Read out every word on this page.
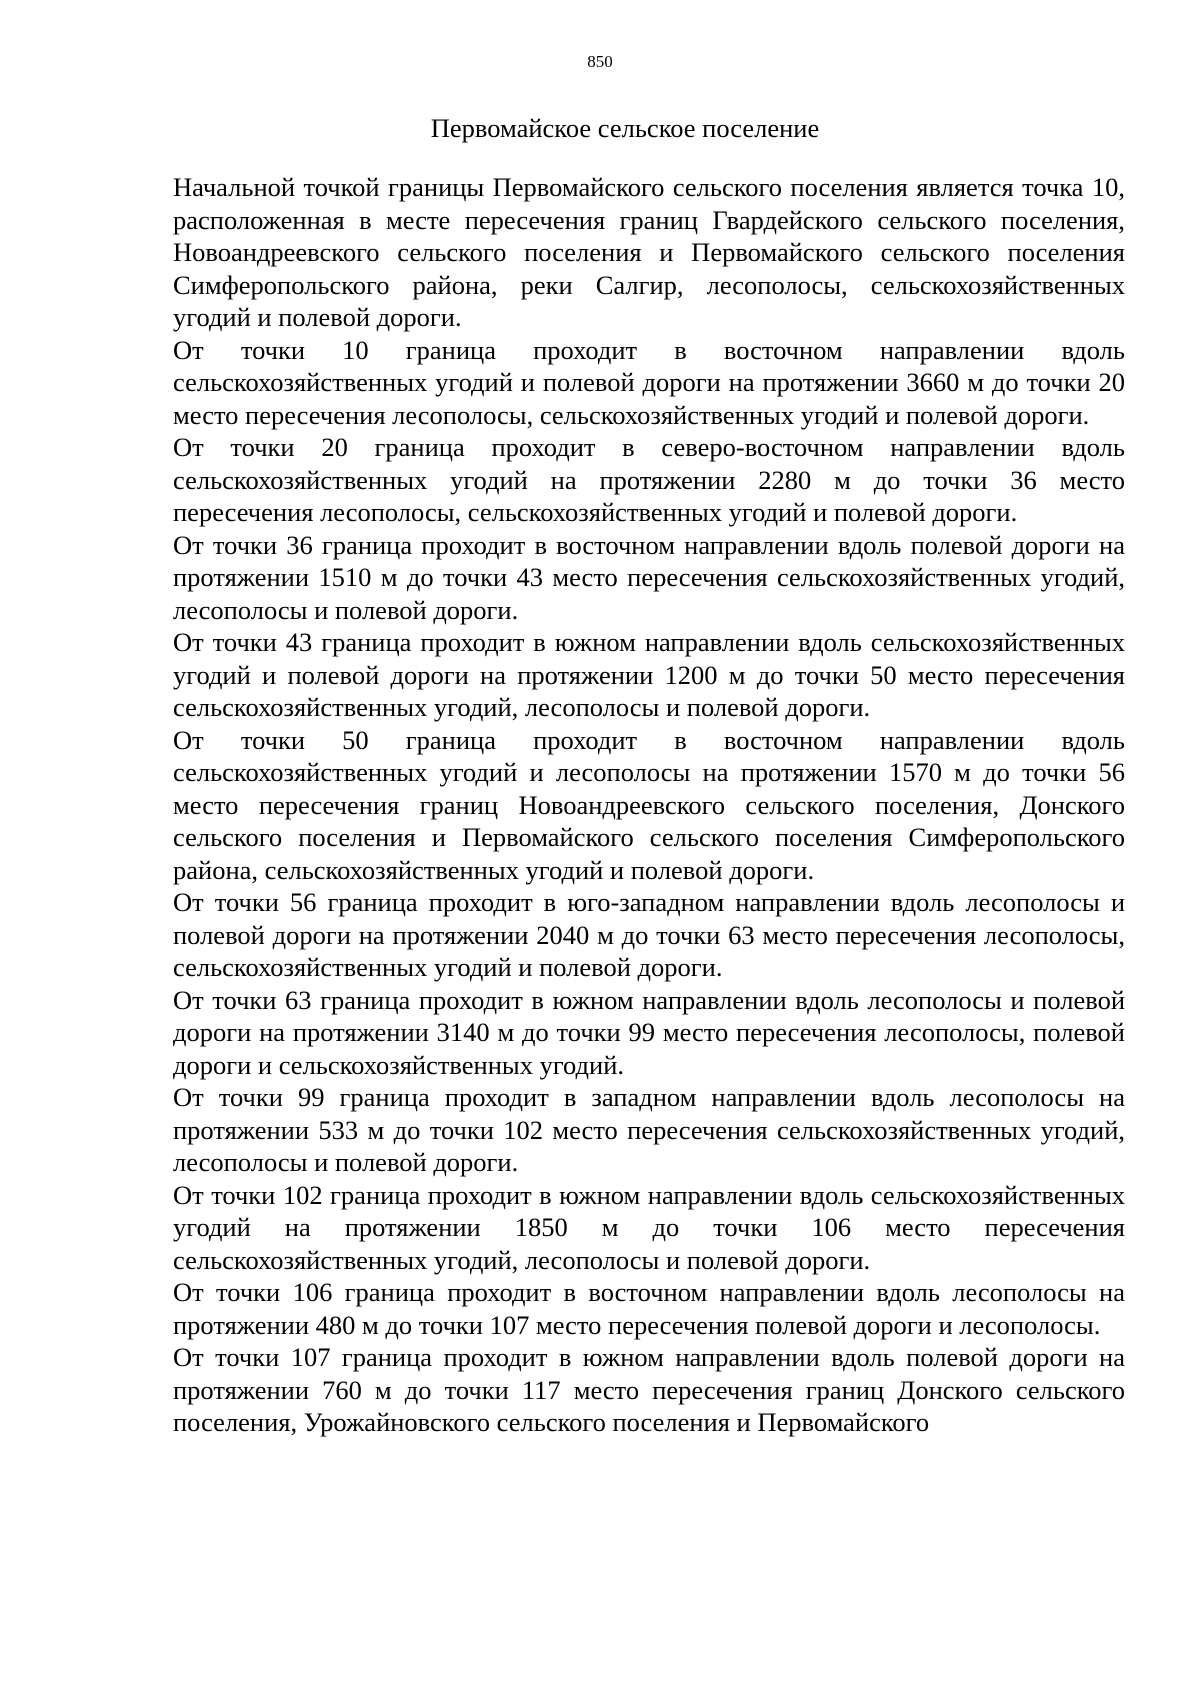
850
Первомайское сельское поселение

Начальной точкой границы Первомайского сельского поселения является точка 10, расположенная в месте пересечения границ Гвардейского сельского поселения, Новоандреевского сельского поселения и Первомайского сельского поселения Симферопольского района, реки Салгир, лесополосы, сельскохозяйственных угодий и полевой дороги.

От точки 10 граница проходит в восточном направлении вдоль сельскохозяйственных угодий и полевой дороги на протяжении 3660 м до точки 20 место пересечения лесополосы, сельскохозяйственных угодий и полевой дороги.

От точки 20 граница проходит в северо-восточном направлении вдоль сельскохозяйственных угодий на протяжении 2280 м до точки 36 место пересечения лесополосы, сельскохозяйственных угодий и полевой дороги.

От точки 36 граница проходит в восточном направлении вдоль полевой дороги на протяжении 1510 м до точки 43 место пересечения сельскохозяйственных угодий, лесополосы и полевой дороги.

От точки 43 граница проходит в южном направлении вдоль сельскохозяйственных угодий и полевой дороги на протяжении 1200 м до точки 50 место пересечения сельскохозяйственных угодий, лесополосы и полевой дороги.

От точки 50 граница проходит в восточном направлении вдоль сельскохозяйственных угодий и лесополосы на протяжении 1570 м до точки 56 место пересечения границ Новоандреевского сельского поселения, Донского сельского поселения и Первомайского сельского поселения Симферопольского района, сельскохозяйственных угодий и полевой дороги.

От точки 56 граница проходит в юго-западном направлении вдоль лесополосы и полевой дороги на протяжении 2040 м до точки 63 место пересечения лесополосы, сельскохозяйственных угодий и полевой дороги.

От точки 63 граница проходит в южном направлении вдоль лесополосы и полевой дороги на протяжении 3140 м до точки 99 место пересечения лесополосы, полевой дороги и сельскохозяйственных угодий.

От точки 99 граница проходит в западном направлении вдоль лесополосы на протяжении 533 м до точки 102 место пересечения сельскохозяйственных угодий, лесополосы и полевой дороги.

От точки 102 граница проходит в южном направлении вдоль сельскохозяйственных угодий на протяжении 1850 м до точки 106 место пересечения сельскохозяйственных угодий, лесополосы и полевой дороги.

От точки 106 граница проходит в восточном направлении вдоль лесополосы на протяжении 480 м до точки 107 место пересечения полевой дороги и лесополосы.

От точки 107 граница проходит в южном направлении вдоль полевой дороги на протяжении 760 м до точки 117 место пересечения границ Донского сельского поселения, Урожайновского сельского поселения и Первомайского
